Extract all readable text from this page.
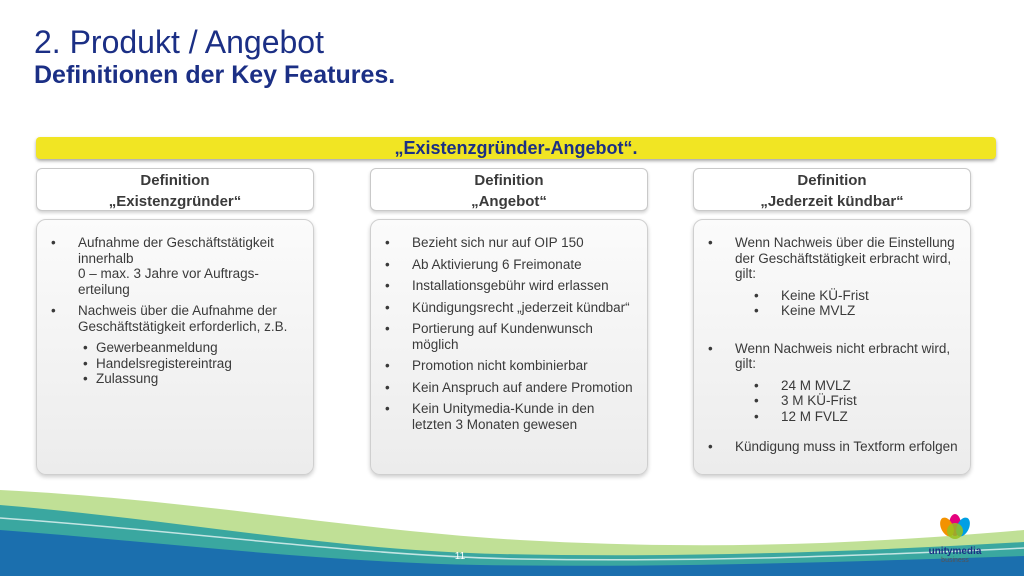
2. Produkt / Angebot
Definitionen der Key Features.
„Existenzgründer-Angebot“.
Definition
„Existenzgründer“
Definition
„Angebot“
Definition
„Jederzeit kündbar“
• Aufnahme der Geschäftstätigkeit innerhalb
0 – max. 3 Jahre vor Auftrags-erteilung
• Nachweis über die Aufnahme der Geschäftstätigkeit erforderlich, z.B.
• Gewerbeanmeldung
• Handelsregistereintrag
• Zulassung
• Bezieht sich nur auf OIP 150
• Ab Aktivierung 6 Freimonate
• Installationsgebühr wird erlassen
• Kündigungsrecht „jederzeit kündbar“
• Portierung auf Kundenwunsch möglich
• Promotion nicht kombinierbar
• Kein Anspruch auf andere Promotion
• Kein Unitymedia-Kunde in den letzten 3 Monaten gewesen
• Wenn Nachweis über die Einstellung der Geschäftstätigkeit erbracht wird, gilt:
• Keine KÜ-Frist
• Keine MVLZ
• Wenn Nachweis nicht erbracht wird, gilt:
• 24 M MVLZ
• 3 M KÜ-Frist
• 12 M FVLZ
• Kündigung muss in Textform erfolgen
11	unitymedia
business
